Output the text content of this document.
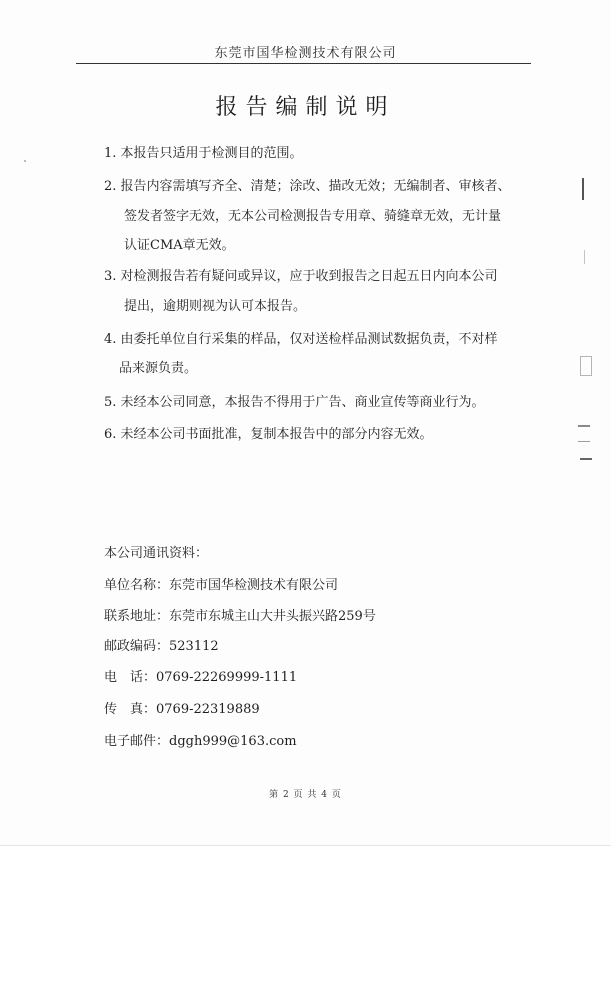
东莞市国华检测技术有限公司
报告编制说明
1. 本报告只适用于检测目的范围。
2. 报告内容需填写齐全、清楚；涂改、描改无效；无编制者、审核者、
签发者签字无效，无本公司检测报告专用章、骑缝章无效，无计量
认证CMA章无效。
3. 对检测报告若有疑问或异议，应于收到报告之日起五日内向本公司
提出，逾期则视为认可本报告。
4. 由委托单位自行采集的样品，仅对送检样品测试数据负责，不对样
品来源负责。
5. 未经本公司同意，本报告不得用于广告、商业宣传等商业行为。
6. 未经本公司书面批准，复制本报告中的部分内容无效。
本公司通讯资料：
单位名称：东莞市国华检测技术有限公司
联系地址：东莞市东城主山大井头振兴路259号
邮政编码：523112
电　话：0769-22269999-1111
传　真：0769-22319889
电子邮件：dggh999@163.com
第 2 页 共 4 页
